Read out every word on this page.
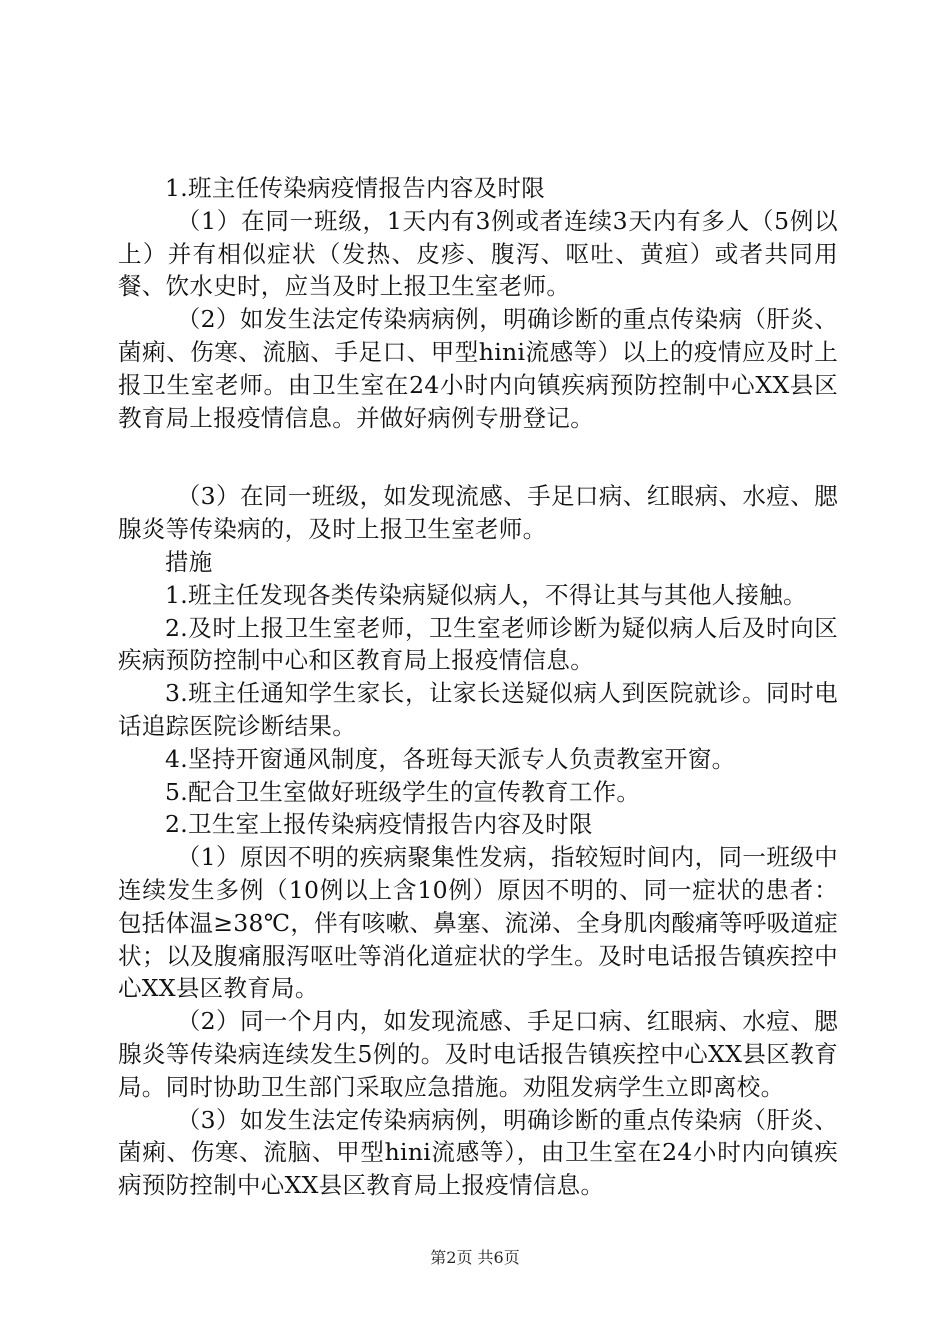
1.班主任传染病疫情报告内容及时限

（1）在同一班级，1天内有3例或者连续3天内有多人（5例以上）并有相似症状（发热、皮疹、腹泻、呕吐、黄疸）或者共同用餐、饮水史时，应当及时上报卫生室老师。

（2）如发生法定传染病病例，明确诊断的重点传染病（肝炎、菌痢、伤寒、流脑、手足口、甲型hini流感等）以上的疫情应及时上报卫生室老师。由卫生室在24小时内向镇疾病预防控制中心XX县区教育局上报疫情信息。并做好病例专册登记。

（3）在同一班级，如发现流感、手足口病、红眼病、水痘、腮腺炎等传染病的，及时上报卫生室老师。

措施

1.班主任发现各类传染病疑似病人，不得让其与其他人接触。

2.及时上报卫生室老师，卫生室老师诊断为疑似病人后及时向区疾病预防控制中心和区教育局上报疫情信息。

3.班主任通知学生家长，让家长送疑似病人到医院就诊。同时电话追踪医院诊断结果。

4.坚持开窗通风制度，各班每天派专人负责教室开窗。

5.配合卫生室做好班级学生的宣传教育工作。

2.卫生室上报传染病疫情报告内容及时限

（1）原因不明的疾病聚集性发病，指较短时间内，同一班级中连续发生多例（10例以上含10例）原因不明的、同一症状的患者：包括体温≥38℃，伴有咳嗽、鼻塞、流涕、全身肌肉酸痛等呼吸道症状；以及腹痛服泻呕吐等消化道症状的学生。及时电话报告镇疾控中心XX县区教育局。

（2）同一个月内，如发现流感、手足口病、红眼病、水痘、腮腺炎等传染病连续发生5例的。及时电话报告镇疾控中心XX县区教育局。同时协助卫生部门采取应急措施。劝阻发病学生立即离校。

（3）如发生法定传染病病例，明确诊断的重点传染病（肝炎、菌痢、伤寒、流脑、甲型hini流感等），由卫生室在24小时内向镇疾病预防控制中心XX县区教育局上报疫情信息。

第2页 共6页
